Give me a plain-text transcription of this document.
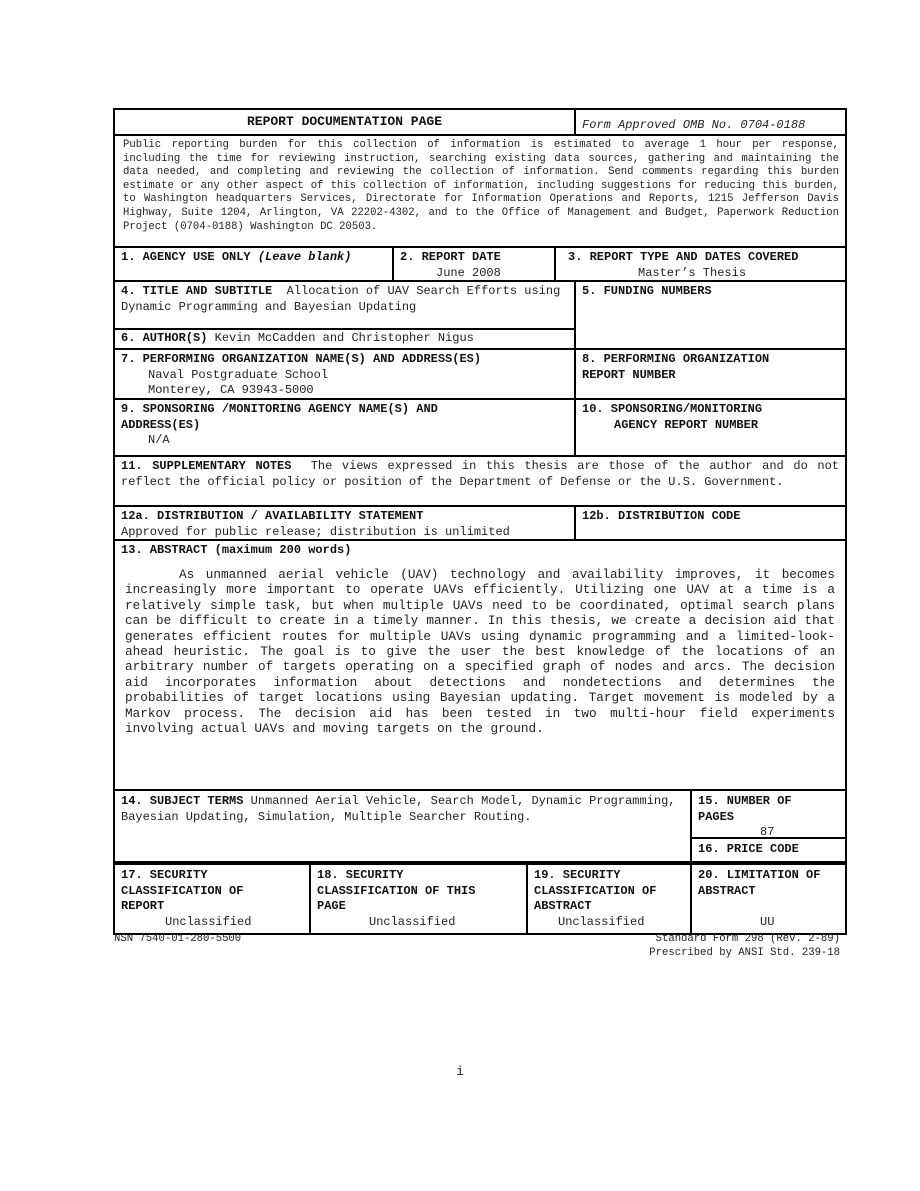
REPORT DOCUMENTATION PAGE	Form Approved OMB No. 0704-0188
Public reporting burden for this collection of information is estimated to average 1 hour per response, including the time for reviewing instruction, searching existing data sources, gathering and maintaining the data needed, and completing and reviewing the collection of information. Send comments regarding this burden estimate or any other aspect of this collection of information, including suggestions for reducing this burden, to Washington headquarters Services, Directorate for Information Operations and Reports, 1215 Jefferson Davis Highway, Suite 1204, Arlington, VA 22202-4302, and to the Office of Management and Budget, Paperwork Reduction Project (0704-0188) Washington DC 20503.
1. AGENCY USE ONLY (Leave blank)	2. REPORT DATE
June 2008
3. REPORT TYPE AND DATES COVERED
Master’s Thesis
4. TITLE AND SUBTITLE Allocation of UAV Search Efforts using Dynamic Programming and Bayesian Updating
6. AUTHOR(S) Kevin McCadden and Christopher Nigus
5. FUNDING NUMBERS
7. PERFORMING ORGANIZATION NAME(S) AND ADDRESS(ES)
Naval Postgraduate School
Monterey, CA 93943-5000
8. PERFORMING ORGANIZATION
REPORT NUMBER
9. SPONSORING /MONITORING AGENCY NAME(S) AND
ADDRESS(ES)
N/A
10. SPONSORING/MONITORING
AGENCY REPORT NUMBER
11. SUPPLEMENTARY NOTES The views expressed in this thesis are those of the author and do not reflect the official policy or position of the Department of Defense or the U.S. Government.
12a. DISTRIBUTION / AVAILABILITY STATEMENT
Approved for public release; distribution is unlimited
12b. DISTRIBUTION CODE
13. ABSTRACT (maximum 200 words)
As unmanned aerial vehicle (UAV) technology and availability improves, it becomes increasingly more important to operate UAVs efficiently. Utilizing one UAV at a time is a relatively simple task, but when multiple UAVs need to be coordinated, optimal search plans can be difficult to create in a timely manner. In this thesis, we create a decision aid that generates efficient routes for multiple UAVs using dynamic programming and a limited-look-ahead heuristic. The goal is to give the user the best knowledge of the locations of an arbitrary number of targets operating on a specified graph of nodes and arcs. The decision aid incorporates information about detections and nondetections and determines the probabilities of target locations using Bayesian updating. Target movement is modeled by a Markov process. The decision aid has been tested in two multi-hour field experiments involving actual UAVs and moving targets on the ground.
14. SUBJECT TERMS Unmanned Aerial Vehicle, Search Model, Dynamic Programming, Bayesian Updating, Simulation, Multiple Searcher Routing.
15. NUMBER OF
PAGES
87
16. PRICE CODE
17. SECURITY
CLASSIFICATION OF
REPORT
Unclassified
18. SECURITY
CLASSIFICATION OF THIS
PAGE
Unclassified
19. SECURITY
CLASSIFICATION OF
ABSTRACT
Unclassified
20. LIMITATION OF
ABSTRACT
UU
NSN 7540-01-280-5500	Standard Form 298 (Rev. 2-89)
Prescribed by ANSI Std. 239-18
i
